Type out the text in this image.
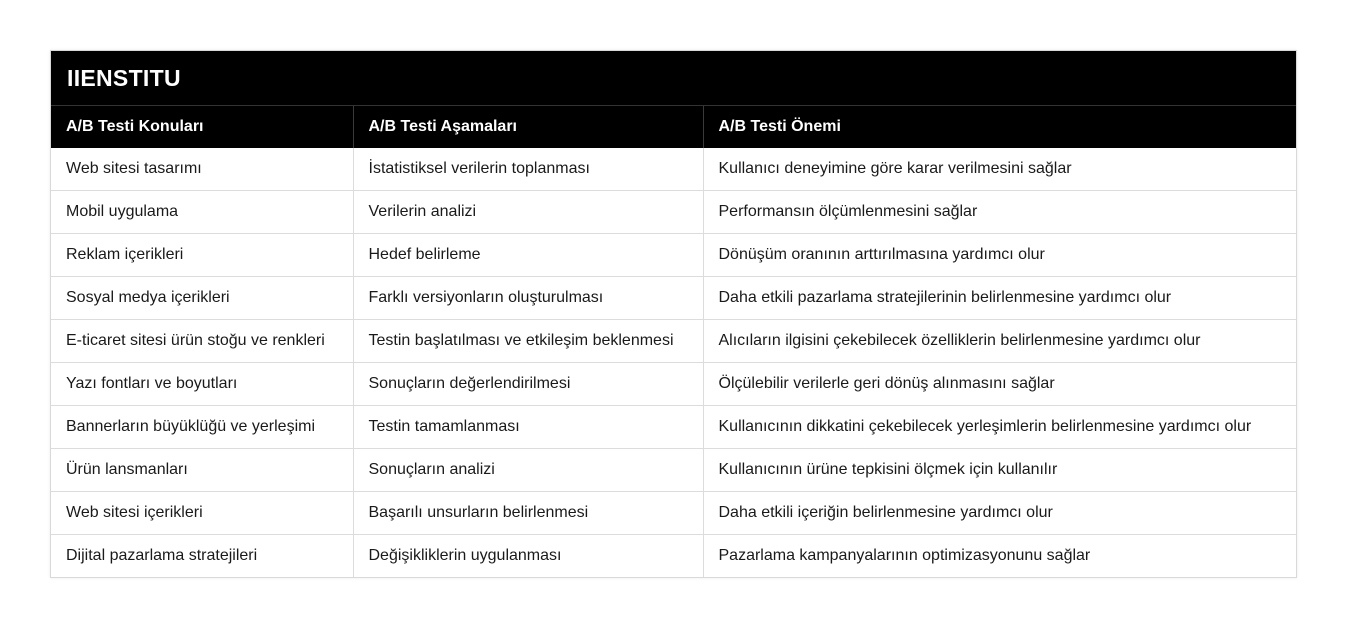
IIENSTITU
A/B Testi Konuları	A/B Testi Aşamaları	A/B Testi Önemi
Web sitesi tasarımı	İstatistiksel verilerin toplanması	Kullanıcı deneyimine göre karar verilmesini sağlar
Mobil uygulama	Verilerin analizi	Performansın ölçümlenmesini sağlar
Reklam içerikleri	Hedef belirleme	Dönüşüm oranının arttırılmasına yardımcı olur
Sosyal medya içerikleri	Farklı versiyonların oluşturulması	Daha etkili pazarlama stratejilerinin belirlenmesine yardımcı olur
E-ticaret sitesi ürün stoğu ve renkleri	Testin başlatılması ve etkileşim beklenmesi	Alıcıların ilgisini çekebilecek özelliklerin belirlenmesine yardımcı olur
Yazı fontları ve boyutları	Sonuçların değerlendirilmesi	Ölçülebilir verilerle geri dönüş alınmasını sağlar
Bannerların büyüklüğü ve yerleşimi	Testin tamamlanması	Kullanıcının dikkatini çekebilecek yerleşimlerin belirlenmesine yardımcı olur
Ürün lansmanları	Sonuçların analizi	Kullanıcının ürüne tepkisini ölçmek için kullanılır
Web sitesi içerikleri	Başarılı unsurların belirlenmesi	Daha etkili içeriğin belirlenmesine yardımcı olur
Dijital pazarlama stratejileri	Değişikliklerin uygulanması	Pazarlama kampanyalarının optimizasyonunu sağlar
